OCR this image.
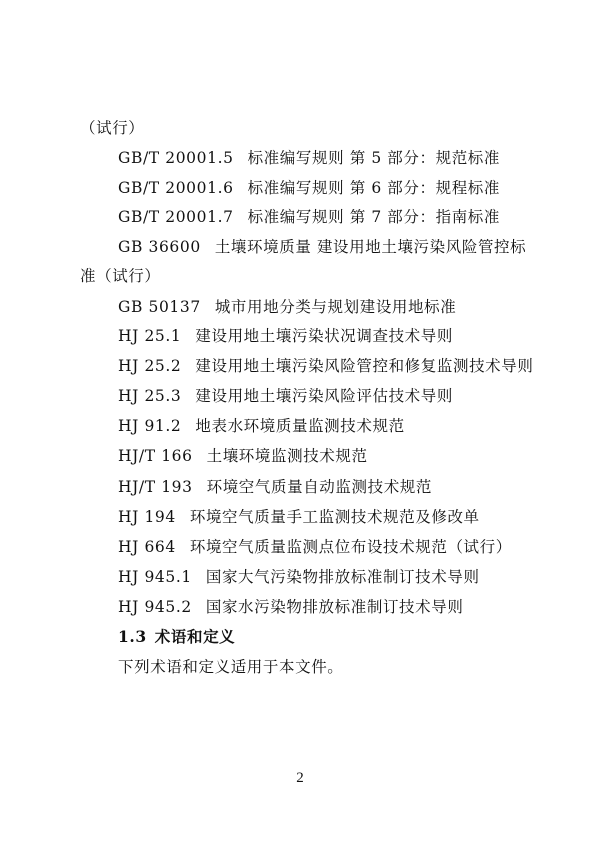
（试行）
GB/T 20001.5 标准编写规则 第 5 部分：规范标准
GB/T 20001.6 标准编写规则 第 6 部分：规程标准
GB/T 20001.7 标准编写规则 第 7 部分：指南标准
GB 36600 土壤环境质量 建设用地土壤污染风险管控标
准（试行）
GB 50137 城市用地分类与规划建设用地标准
HJ 25.1 建设用地土壤污染状况调查技术导则
HJ 25.2 建设用地土壤污染风险管控和修复监测技术导则
HJ 25.3 建设用地土壤污染风险评估技术导则
HJ 91.2 地表水环境质量监测技术规范
HJ/T 166 土壤环境监测技术规范
HJ/T 193 环境空气质量自动监测技术规范
HJ 194 环境空气质量手工监测技术规范及修改单
HJ 664 环境空气质量监测点位布设技术规范（试行）
HJ 945.1 国家大气污染物排放标准制订技术导则
HJ 945.2 国家水污染物排放标准制订技术导则
1.3 术语和定义
下列术语和定义适用于本文件。
2
